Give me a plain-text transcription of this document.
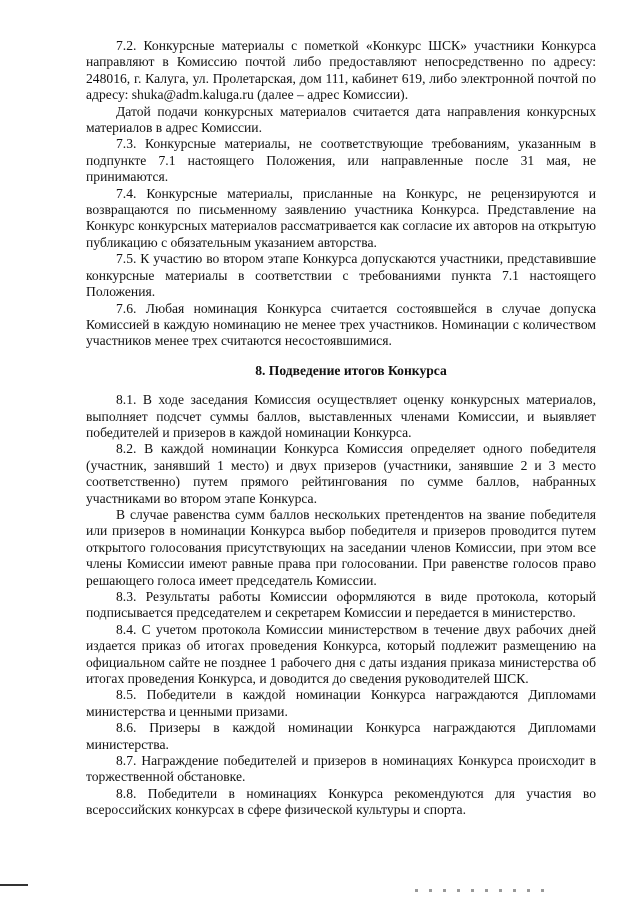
7.2. Конкурсные материалы с пометкой «Конкурс ШСК» участники Конкурса направляют в Комиссию почтой либо предоставляют непосредственно по адресу: 248016, г. Калуга, ул. Пролетарская, дом 111, кабинет 619, либо электронной почтой по адресу: shuka@adm.kaluga.ru (далее – адрес Комиссии).

Датой подачи конкурсных материалов считается дата направления конкурсных материалов в адрес Комиссии.

7.3. Конкурсные материалы, не соответствующие требованиям, указанным в подпункте 7.1 настоящего Положения, или направленные после 31 мая, не принимаются.

7.4. Конкурсные материалы, присланные на Конкурс, не рецензируются и возвращаются по письменному заявлению участника Конкурса. Представление на Конкурс конкурсных материалов рассматривается как согласие их авторов на открытую публикацию с обязательным указанием авторства.

7.5. К участию во втором этапе Конкурса допускаются участники, представившие конкурсные материалы в соответствии с требованиями пункта 7.1 настоящего Положения.

7.6. Любая номинация Конкурса считается состоявшейся в случае допуска Комиссией в каждую номинацию не менее трех участников. Номинации с количеством участников менее трех считаются несостоявшимися.

8. Подведение итогов Конкурса

8.1. В ходе заседания Комиссия осуществляет оценку конкурсных материалов, выполняет подсчет суммы баллов, выставленных членами Комиссии, и выявляет победителей и призеров в каждой номинации Конкурса.

8.2. В каждой номинации Конкурса Комиссия определяет одного победителя (участник, занявший 1 место) и двух призеров (участники, занявшие 2 и 3 место соответственно) путем прямого рейтингования по сумме баллов, набранных участниками во втором этапе Конкурса.

В случае равенства сумм баллов нескольких претендентов на звание победителя или призеров в номинации Конкурса выбор победителя и призеров проводится путем открытого голосования присутствующих на заседании членов Комиссии, при этом все члены Комиссии имеют равные права при голосовании. При равенстве голосов право решающего голоса имеет председатель Комиссии.

8.3. Результаты работы Комиссии оформляются в виде протокола, который подписывается председателем и секретарем Комиссии и передается в министерство.

8.4. С учетом протокола Комиссии министерством в течение двух рабочих дней издается приказ об итогах проведения Конкурса, который подлежит размещению на официальном сайте не позднее 1 рабочего дня с даты издания приказа министерства об итогах проведения Конкурса, и доводится до сведения руководителей ШСК.

8.5. Победители в каждой номинации Конкурса награждаются Дипломами министерства и ценными призами.

8.6. Призеры в каждой номинации Конкурса награждаются Дипломами министерства.

8.7. Награждение победителей и призеров в номинациях Конкурса происходит в торжественной обстановке.

8.8. Победители в номинациях Конкурса рекомендуются для участия во всероссийских конкурсах в сфере физической культуры и спорта.
